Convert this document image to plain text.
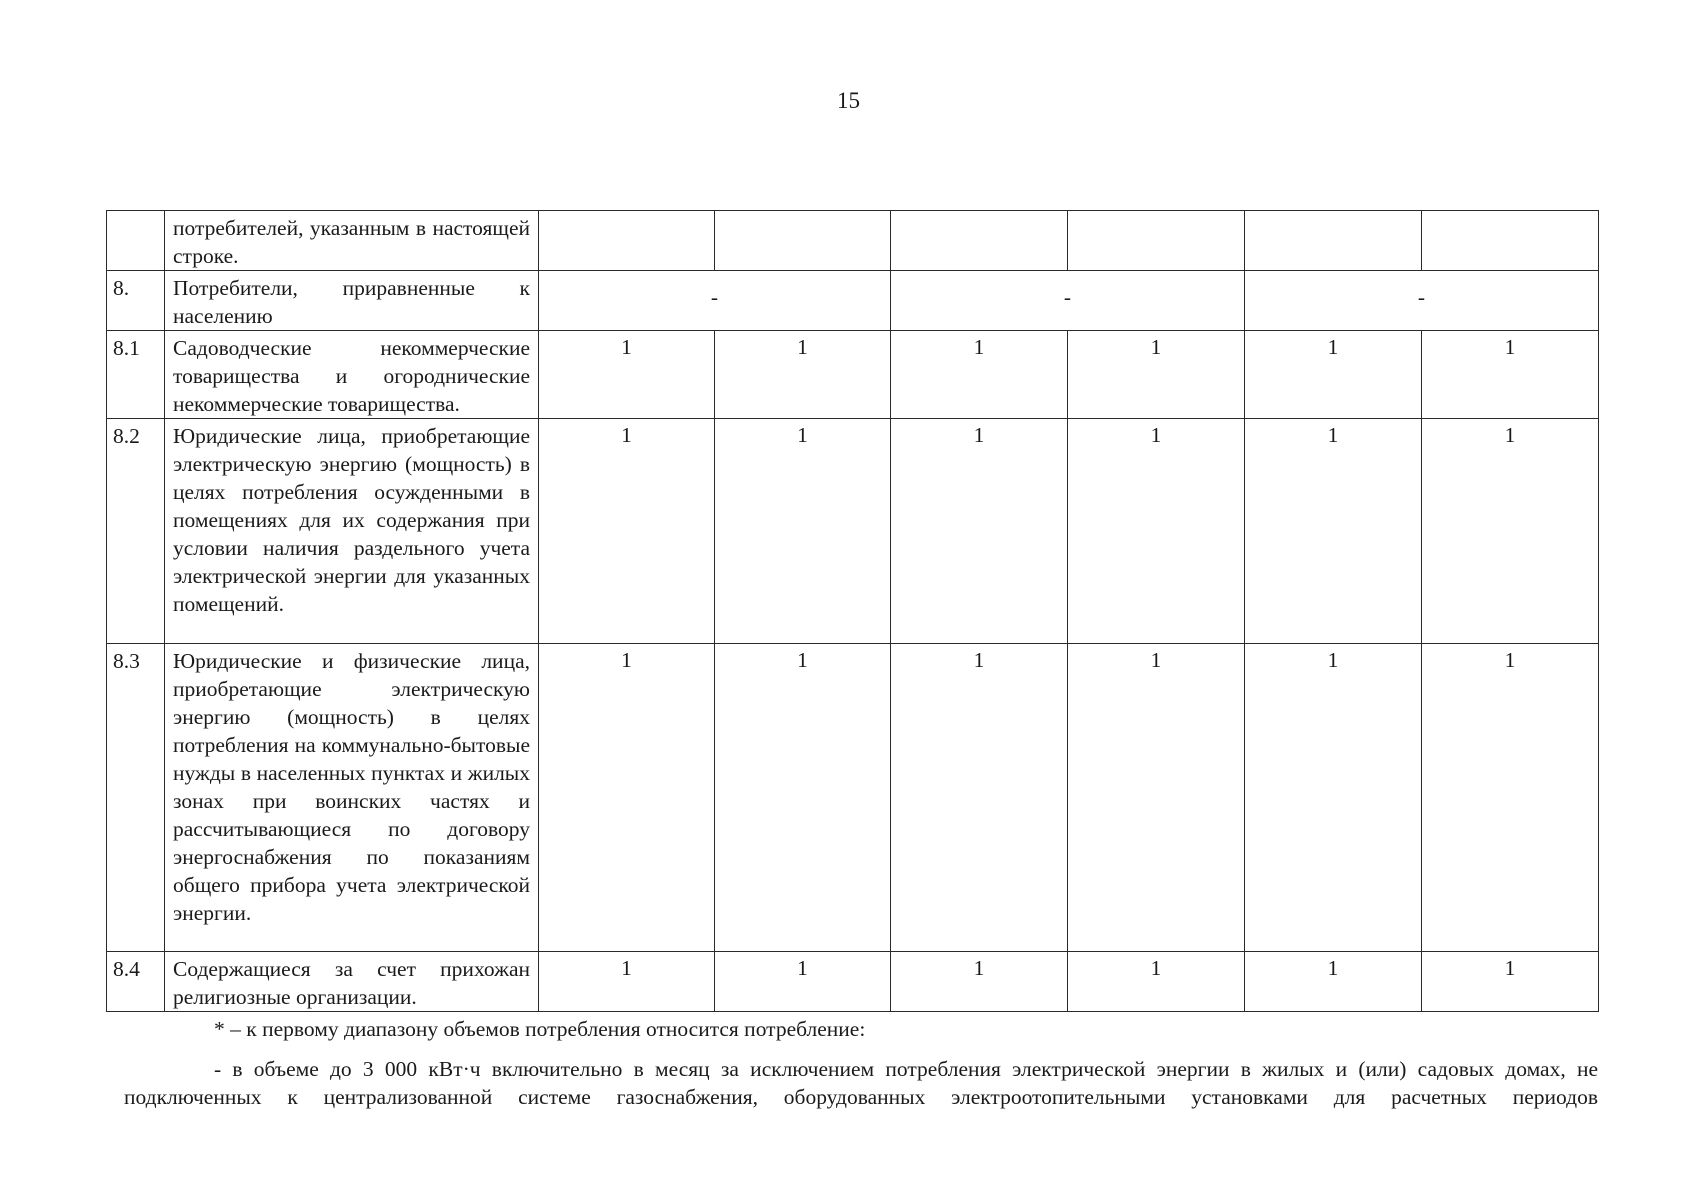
15
	потребителей, указанным в настоящей строке.						
8.	Потребители, приравненные к населению	-		-		-	
8.1	Садоводческие некоммерческие товарищества и огороднические некоммерческие товарищества.	1	1	1	1	1	1
8.2	Юридические лица, приобретающие электрическую энергию (мощность) в целях потребления осужденными в помещениях для их содержания при условии наличия раздельного учета электрической энергии для указанных помещений.	1	1	1	1	1	1
8.3	Юридические и физические лица, приобретающие электрическую энергию (мощность) в целях потребления на коммунально-бытовые нужды в населенных пунктах и жилых зонах при воинских частях и рассчитывающиеся по договору энергоснабжения по показаниям общего прибора учета электрической энергии.	1	1	1	1	1	1
8.4	Содержащиеся за счет прихожан религиозные организации.	1	1	1	1	1	1

* – к первому диапазону объемов потребления относится потребление:

- в объеме до 3 000 кВт·ч включительно в месяц за исключением потребления электрической энергии в жилых и (или) садовых домах, не подключенных к централизованной системе газоснабжения, оборудованных электроотопительными установками для расчетных периодов
